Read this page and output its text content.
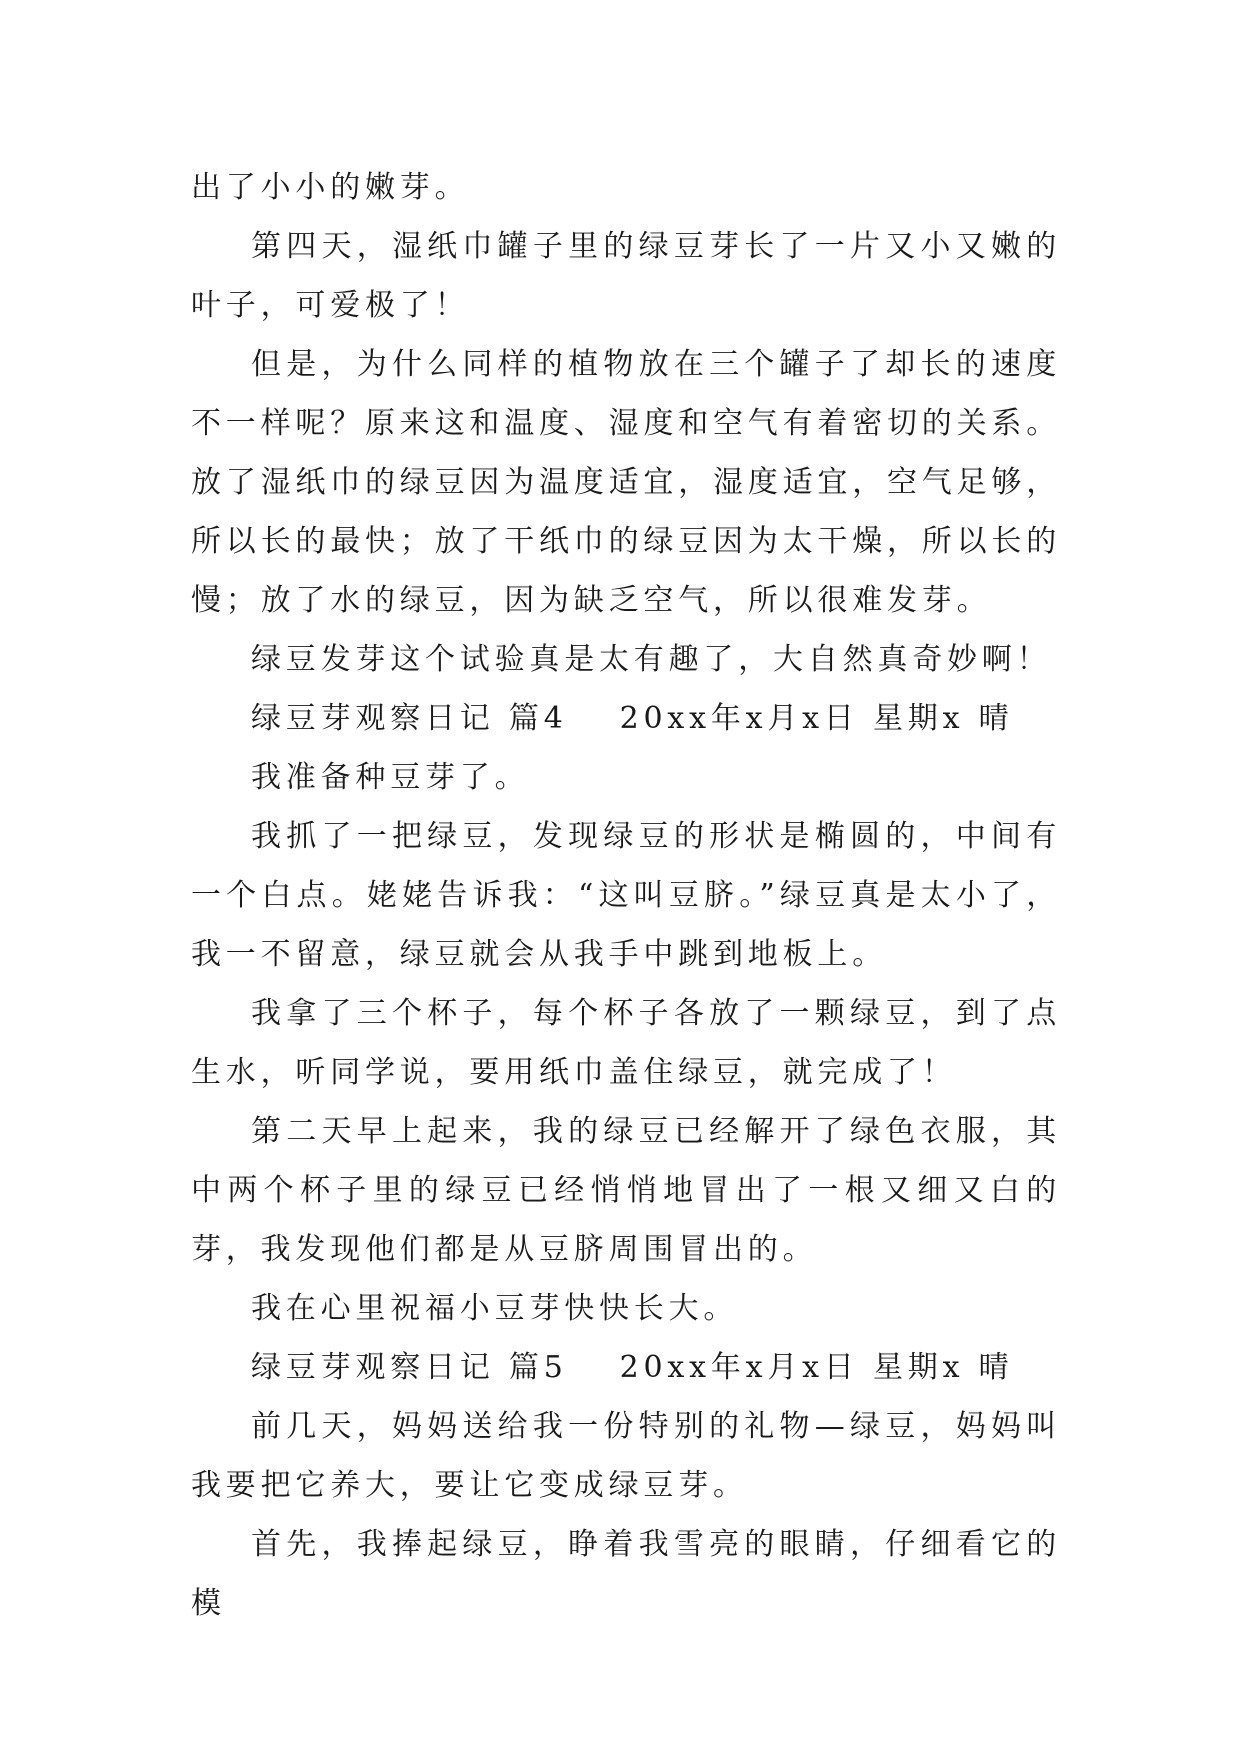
出了小小的嫩芽。

第四天，湿纸巾罐子里的绿豆芽长了一片又小又嫩的叶子，可爱极了！

但是，为什么同样的植物放在三个罐子了却长的速度不一样呢？原来这和温度、湿度和空气有着密切的关系。放了湿纸巾的绿豆因为温度适宜，湿度适宜，空气足够，所以长的最快；放了干纸巾的绿豆因为太干燥，所以长的慢；放了水的绿豆，因为缺乏空气，所以很难发芽。

绿豆发芽这个试验真是太有趣了，大自然真奇妙啊！

绿豆芽观察日记 篇4 20xx年x月x日 星期x 晴

我准备种豆芽了。

我抓了一把绿豆，发现绿豆的形状是椭圆的，中间有一个白点。姥姥告诉我：“这叫豆脐。”绿豆真是太小了，我一不留意，绿豆就会从我手中跳到地板上。

我拿了三个杯子，每个杯子各放了一颗绿豆，到了点生水，听同学说，要用纸巾盖住绿豆，就完成了！

第二天早上起来，我的绿豆已经解开了绿色衣服，其中两个杯子里的绿豆已经悄悄地冒出了一根又细又白的芽，我发现他们都是从豆脐周围冒出的。

我在心里祝福小豆芽快快长大。

绿豆芽观察日记 篇5 20xx年x月x日 星期x 晴

前几天，妈妈送给我一份特别的礼物—绿豆，妈妈叫我要把它养大，要让它变成绿豆芽。

首先，我捧起绿豆，睁着我雪亮的眼睛，仔细看它的模
